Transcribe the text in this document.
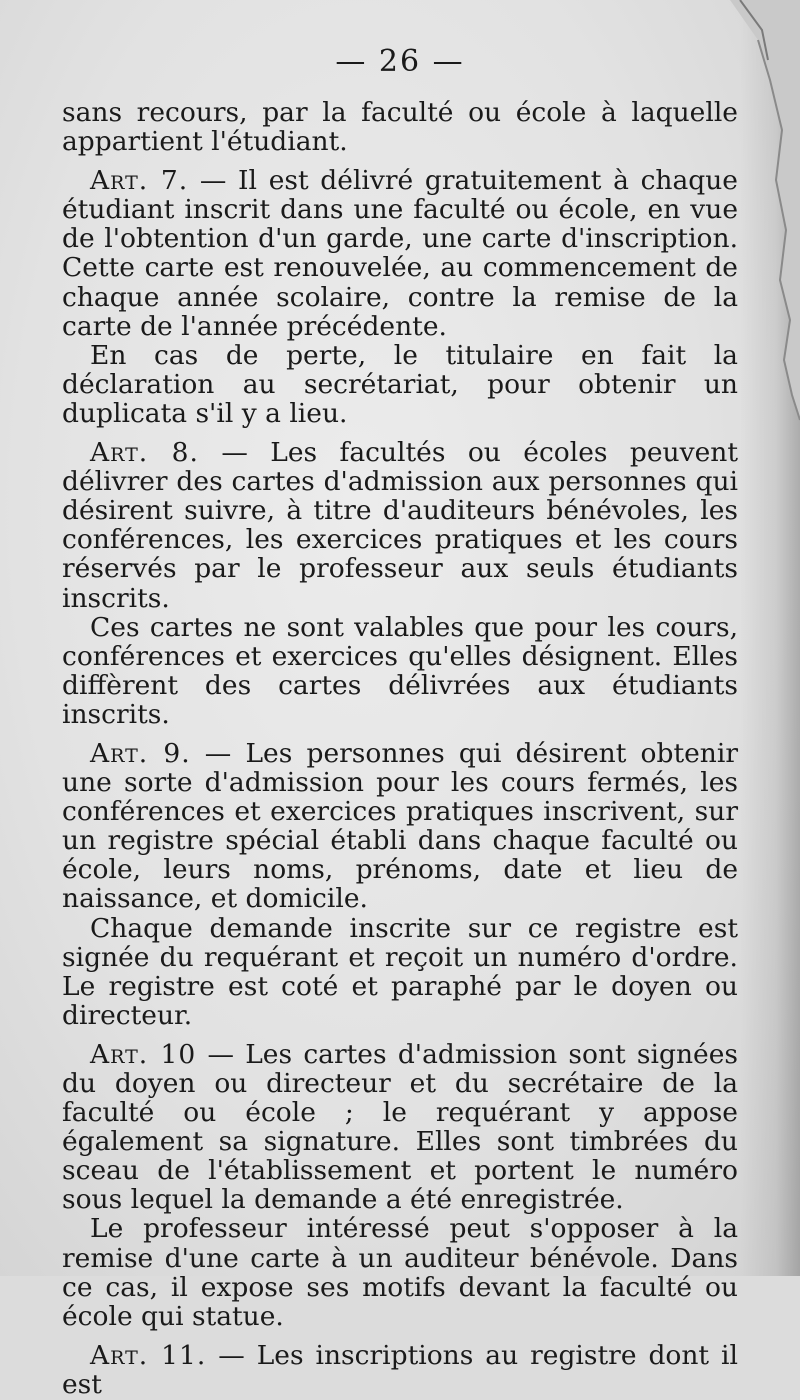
— 26 —

sans recours, par la faculté ou école à laquelle appartient l'étudiant.

Art. 7. — Il est délivré gratuitement à chaque étudiant inscrit dans une faculté ou école, en vue de l'obtention d'un garde, une carte d'inscription. Cette carte est renouvelée, au commencement de chaque année scolaire, contre la remise de la carte de l'année précédente.

En cas de perte, le titulaire en fait la déclaration au secrétariat, pour obtenir un duplicata s'il y a lieu.

Art. 8. — Les facultés ou écoles peuvent délivrer des cartes d'admission aux personnes qui désirent suivre, à titre d'auditeurs bénévoles, les conférences, les exercices pratiques et les cours réservés par le professeur aux seuls étudiants inscrits.

Ces cartes ne sont valables que pour les cours, conférences et exercices qu'elles désignent. Elles diffèrent des cartes délivrées aux étudiants inscrits.

Art. 9. — Les personnes qui désirent obtenir une sorte d'admission pour les cours fermés, les conférences et exercices pratiques inscrivent, sur un registre spécial établi dans chaque faculté ou école, leurs noms, prénoms, date et lieu de naissance, et domicile.

Chaque demande inscrite sur ce registre est signée du requérant et reçoit un numéro d'ordre. Le registre est coté et paraphé par le doyen ou directeur.

Art. 10 — Les cartes d'admission sont signées du doyen ou directeur et du secrétaire de la faculté ou école ; le requérant y appose également sa signature. Elles sont timbrées du sceau de l'établissement et portent le numéro sous lequel la demande a été enregistrée.

Le professeur intéressé peut s'opposer à la remise d'une carte à un auditeur bénévole. Dans ce cas, il expose ses motifs devant la faculté ou école qui statue.

Art. 11. — Les inscriptions au registre dont il est
